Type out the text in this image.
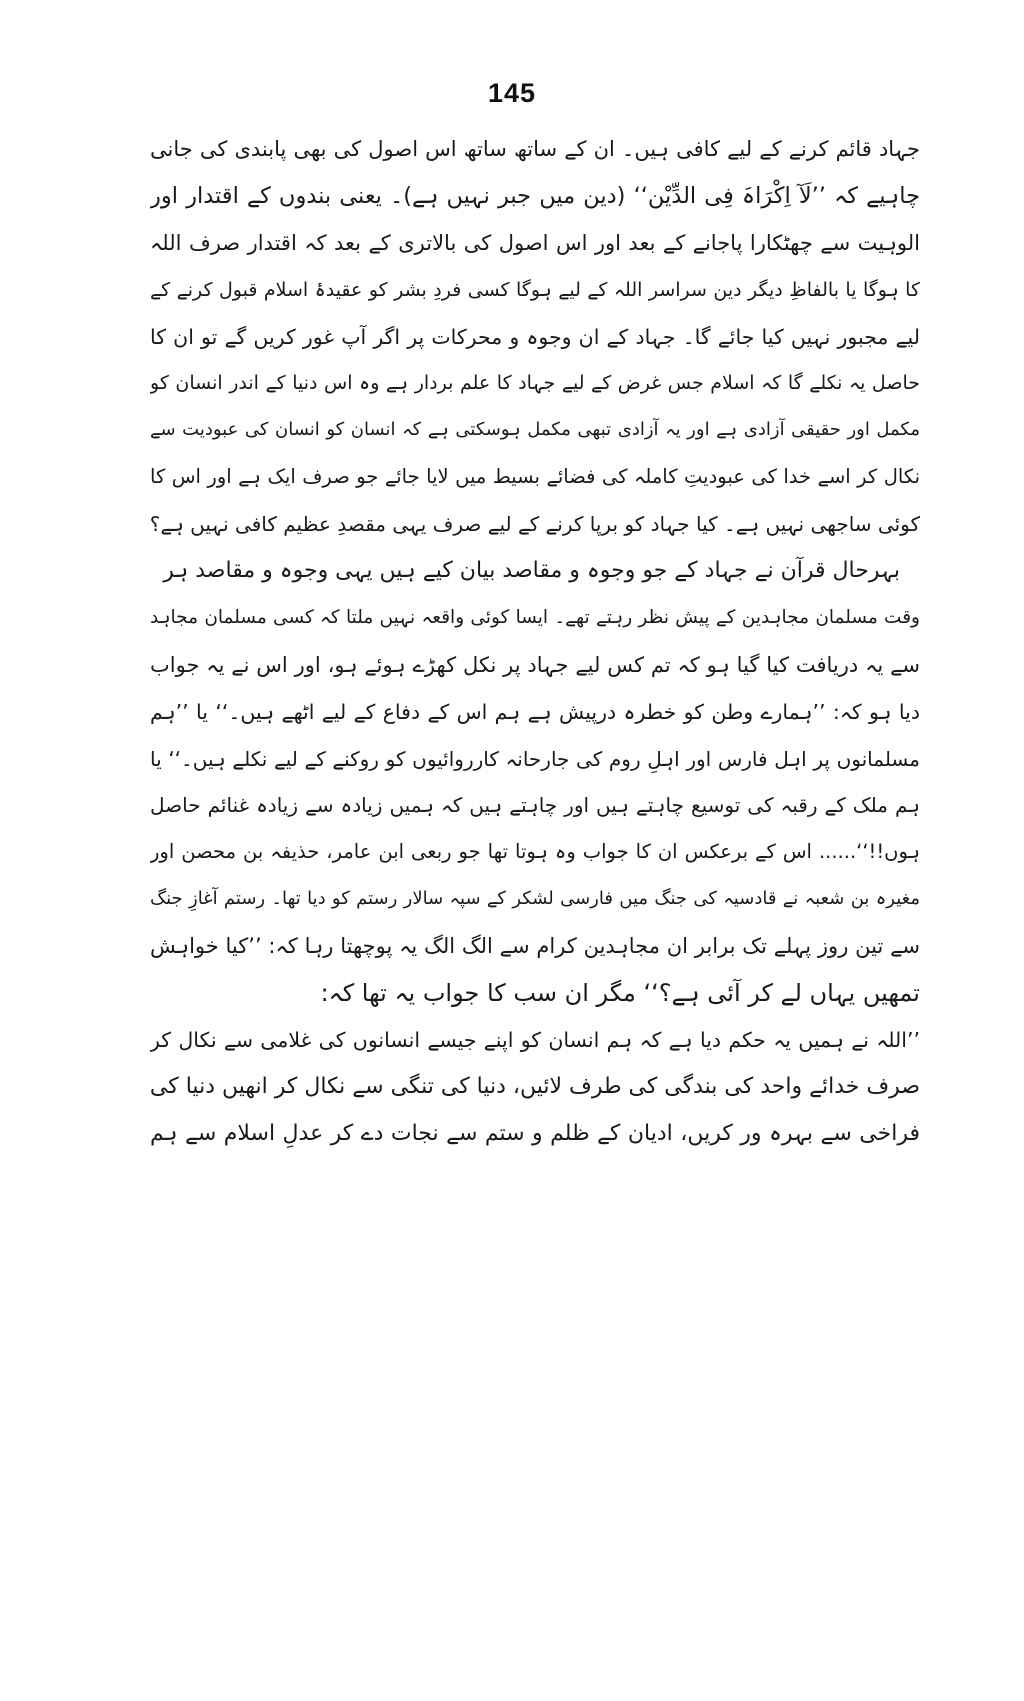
145
جہاد قائم کرنے کے لیے کافی ہیں۔ ان کے ساتھ ساتھ اس اصول کی بھی پابندی کی جانی
چاہیے کہ ’’لَآ اِکْرَاہَ فِی الدِّیْن‘‘ (دین میں جبر نہیں ہے)۔ یعنی بندوں کے اقتدار اور
الوہیت سے چھٹکارا پاجانے کے بعد اور اس اصول کی بالاتری کے بعد کہ اقتدار صرف اللہ
کا ہوگا یا بالفاظِ دیگر دین سراسر اللہ کے لیے ہوگا کسی فردِ بشر کو عقیدۂ اسلام قبول کرنے کے
لیے مجبور نہیں کیا جائے گا۔ جہاد کے ان وجوہ و محرکات پر اگر آپ غور کریں گے تو ان کا
حاصل یہ نکلے گا کہ اسلام جس غرض کے لیے جہاد کا علم بردار ہے وہ اس دنیا کے اندر انسان کو
مکمل اور حقیقی آزادی ہے اور یہ آزادی تبھی مکمل ہوسکتی ہے کہ انسان کو انسان کی عبودیت سے
نکال کر اسے خدا کی عبودیتِ کاملہ کی فضائے بسیط میں لایا جائے جو صرف ایک ہے اور اس کا
کوئی ساجھی نہیں ہے۔ کیا جہاد کو برپا کرنے کے لیے صرف یہی مقصدِ عظیم کافی نہیں ہے؟
بہرحال قرآن نے جہاد کے جو وجوہ و مقاصد بیان کیے ہیں یہی وجوہ و مقاصد ہر
وقت مسلمان مجاہدین کے پیش نظر رہتے تھے۔ ایسا کوئی واقعہ نہیں ملتا کہ کسی مسلمان مجاہد
سے یہ دریافت کیا گیا ہو کہ تم کس لیے جہاد پر نکل کھڑے ہوئے ہو، اور اس نے یہ جواب
دیا ہو کہ: ’’ہمارے وطن کو خطرہ درپیش ہے ہم اس کے دفاع کے لیے اٹھے ہیں۔‘‘ یا ’’ہم
مسلمانوں پر اہل فارس اور اہلِ روم کی جارحانہ کارروائیوں کو روکنے کے لیے نکلے ہیں۔‘‘ یا
ہم ملک کے رقبہ کی توسیع چاہتے ہیں اور چاہتے ہیں کہ ہمیں زیادہ سے زیادہ غنائم حاصل
ہوں!!‘‘...... اس کے برعکس ان کا جواب وہ ہوتا تھا جو ربعی ابن عامر، حذیفہ بن محصن اور
مغیرہ بن شعبہ نے قادسیہ کی جنگ میں فارسی لشکر کے سپہ سالار رستم کو دیا تھا۔ رستم آغازِ جنگ
سے تین روز پہلے تک برابر ان مجاہدین کرام سے الگ الگ یہ پوچھتا رہا کہ: ’’کیا خواہش
تمھیں یہاں لے کر آئی ہے؟‘‘ مگر ان سب کا جواب یہ تھا کہ:
’’اللہ نے ہمیں یہ حکم دیا ہے کہ ہم انسان کو اپنے جیسے انسانوں کی غلامی سے نکال کر
صرف خدائے واحد کی بندگی کی طرف لائیں، دنیا کی تنگی سے نکال کر انھیں دنیا کی
فراخی سے بہرہ ور کریں، ادیان کے ظلم و ستم سے نجات دے کر عدلِ اسلام سے ہم
